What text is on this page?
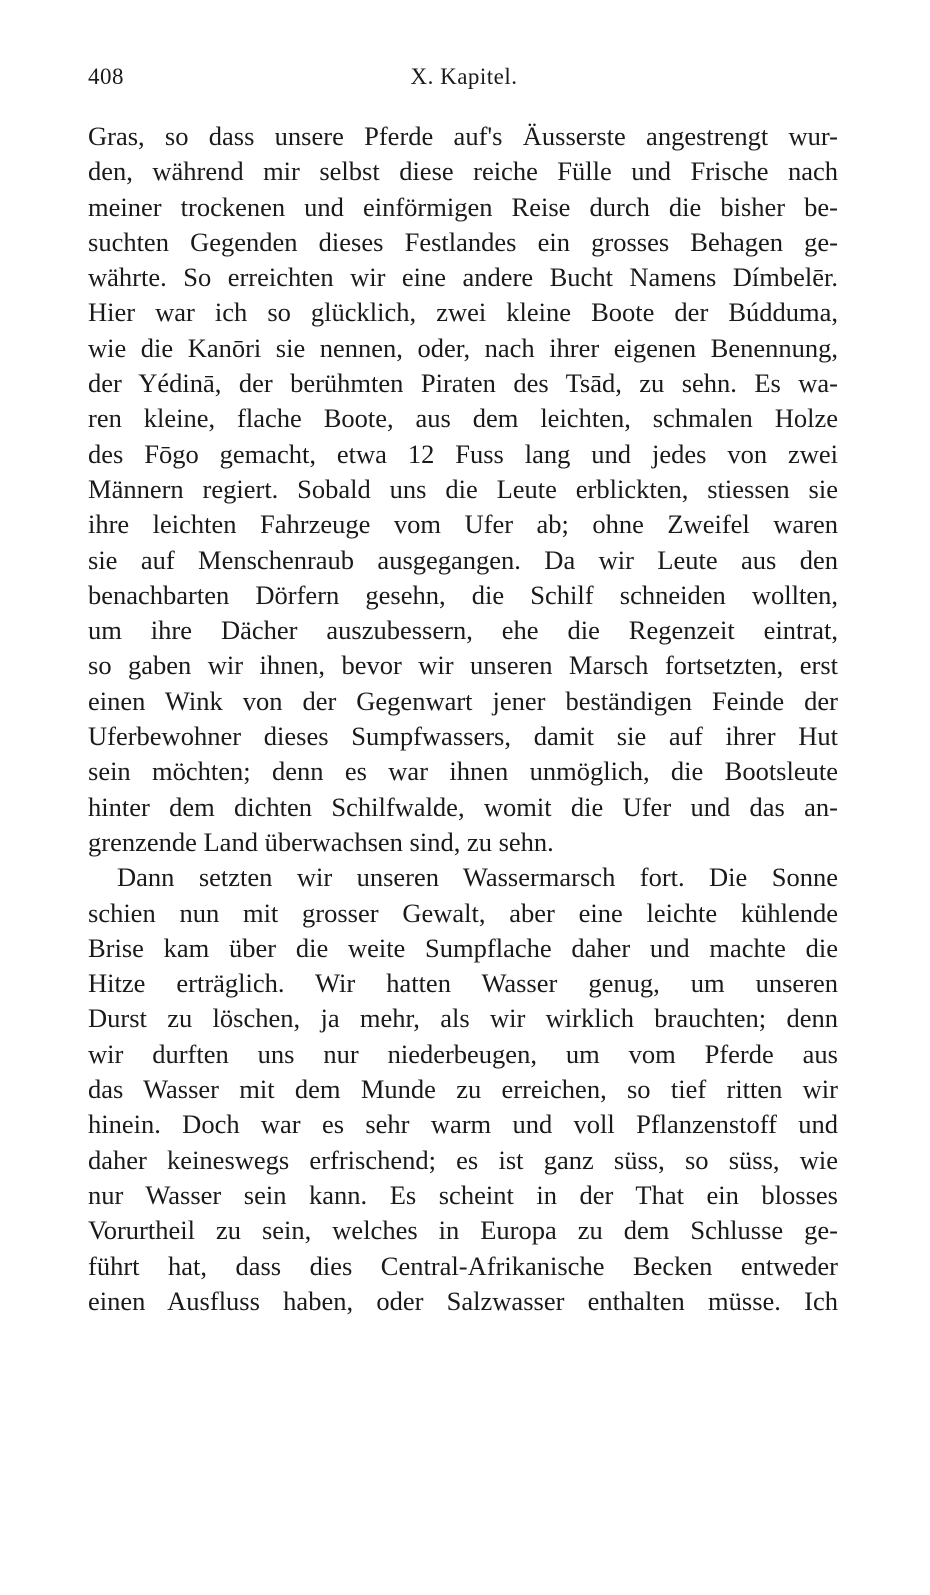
408	X. Kapitel.
Gras, so dass unsere Pferde auf's Äusserste angestrengt wur-
den, während mir selbst diese reiche Fülle und Frische nach
meiner trockenen und einförmigen Reise durch die bisher be-
suchten Gegenden dieses Festlandes ein grosses Behagen ge-
währte. So erreichten wir eine andere Bucht Namens Dímbelēr.
Hier war ich so glücklich, zwei kleine Boote der Búdduma,
wie die Kanōri sie nennen, oder, nach ihrer eigenen Benennung,
der Yédinā, der berühmten Piraten des Tsād, zu sehn. Es wa-
ren kleine, flache Boote, aus dem leichten, schmalen Holze
des Fōgo gemacht, etwa 12 Fuss lang und jedes von zwei
Männern regiert. Sobald uns die Leute erblickten, stiessen sie
ihre leichten Fahrzeuge vom Ufer ab; ohne Zweifel waren
sie auf Menschenraub ausgegangen. Da wir Leute aus den
benachbarten Dörfern gesehn, die Schilf schneiden wollten,
um ihre Dächer auszubessern, ehe die Regenzeit eintrat,
so gaben wir ihnen, bevor wir unseren Marsch fortsetzten, erst
einen Wink von der Gegenwart jener beständigen Feinde der
Uferbewohner dieses Sumpfwassers, damit sie auf ihrer Hut
sein möchten; denn es war ihnen unmöglich, die Bootsleute
hinter dem dichten Schilfwalde, womit die Ufer und das an-
grenzende Land überwachsen sind, zu sehn.
Dann setzten wir unseren Wassermarsch fort. Die Sonne
schien nun mit grosser Gewalt, aber eine leichte kühlende
Brise kam über die weite Sumpflache daher und machte die
Hitze erträglich. Wir hatten Wasser genug, um unseren
Durst zu löschen, ja mehr, als wir wirklich brauchten; denn
wir durften uns nur niederbeugen, um vom Pferde aus
das Wasser mit dem Munde zu erreichen, so tief ritten wir
hinein. Doch war es sehr warm und voll Pflanzenstoff und
daher keineswegs erfrischend; es ist ganz süss, so süss, wie
nur Wasser sein kann. Es scheint in der That ein blosses
Vorurtheil zu sein, welches in Europa zu dem Schlusse ge-
führt hat, dass dies Central-Afrikanische Becken entweder
einen Ausfluss haben, oder Salzwasser enthalten müsse. Ich
